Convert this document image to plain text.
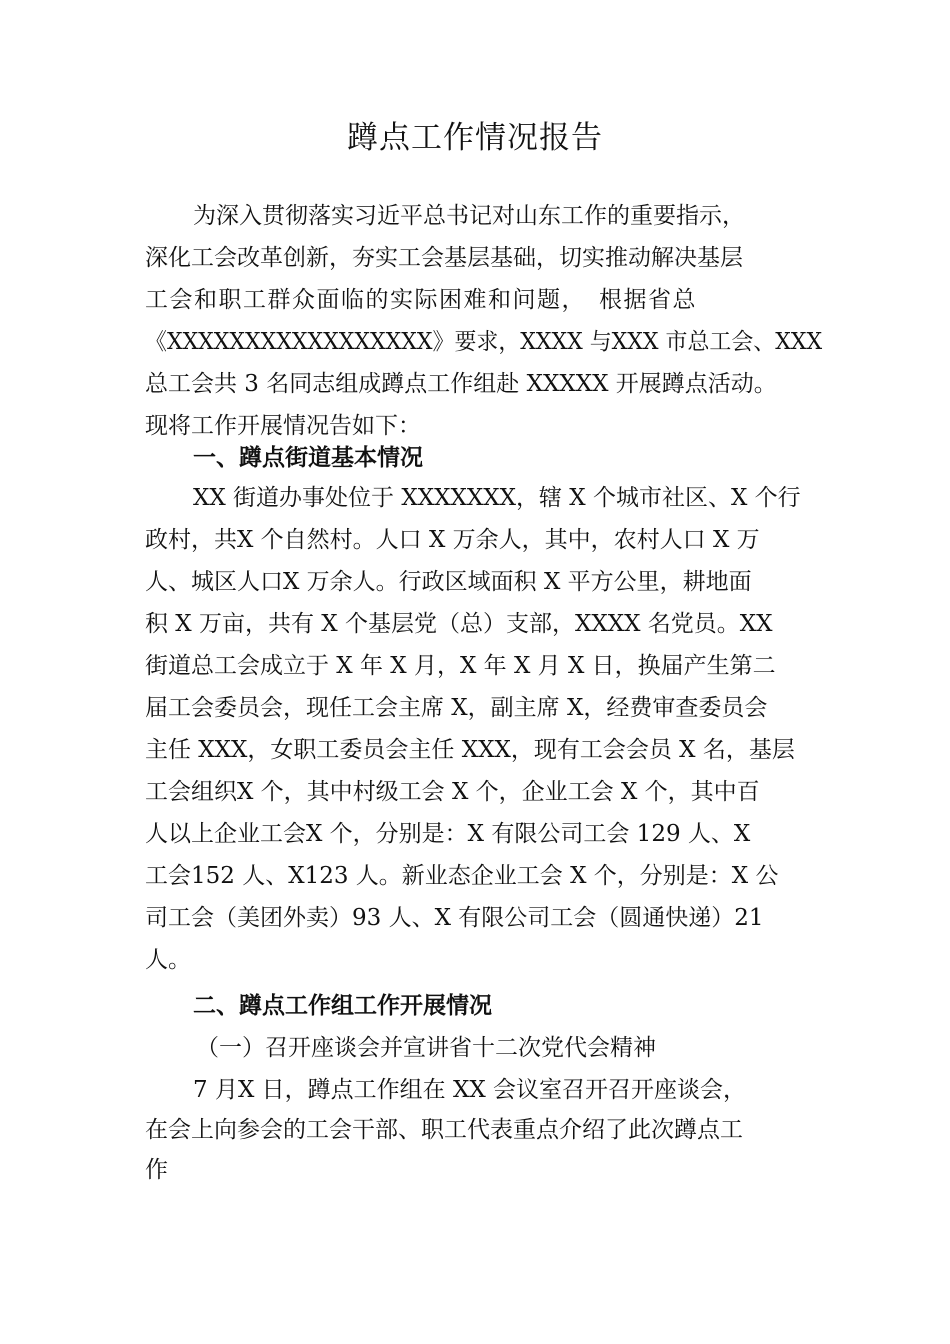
蹲点工作情况报告
为深入贯彻落实习近平总书记对山东工作的重要指示，
深化工会改革创新，夯实工会基层基础，切实推动解决基层
工会和职工群众面临的实际困难和问题，　根据省总
《XXXXXXXXXXXXXXXXX》要求，XXXX 与XXX 市总工会、XXX
总工会共 3 名同志组成蹲点工作组赴 XXXXX 开展蹲点活动。
现将工作开展情况告如下：
一、蹲点街道基本情况
XX 街道办事处位于 XXXXXXX，辖 X 个城市社区、X 个行
政村，共X 个自然村。人口 X 万余人，其中，农村人口 X 万
人、城区人口X 万余人。行政区域面积 X 平方公里，耕地面
积 X 万亩，共有 X 个基层党（总）支部，XXXX 名党员。XX
街道总工会成立于 X 年 X 月，X 年 X 月 X 日，换届产生第二
届工会委员会，现任工会主席 X，副主席 X，经费审查委员会
主任 XXX，女职工委员会主任 XXX，现有工会会员 X 名，基层
工会组织X 个，其中村级工会 X 个，企业工会 X 个，其中百
人以上企业工会X 个，分别是：X 有限公司工会 129 人、X
工会152 人、X123 人。新业态企业工会 X 个，分别是：X 公
司工会（美团外卖）93 人、X 有限公司工会（圆通快递）21
人。
二、蹲点工作组工作开展情况
（一）召开座谈会并宣讲省十二次党代会精神
7 月X 日，蹲点工作组在 XX 会议室召开召开座谈会，
在会上向参会的工会干部、职工代表重点介绍了此次蹲点工
作
